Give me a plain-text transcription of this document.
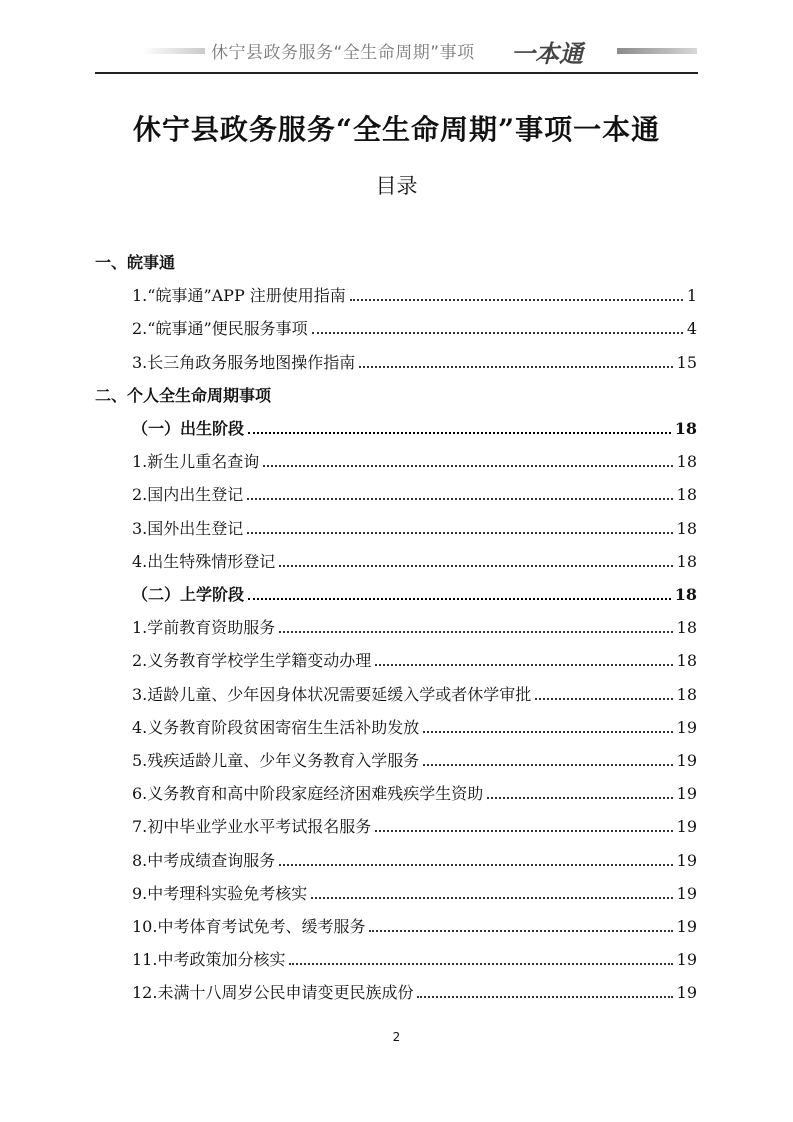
休宁县政务服务“全生命周期”事项 一本通
休宁县政务服务“全生命周期”事项一本通
目录
一、皖事通
1.“皖事通”APP 注册使用指南	1
2.“皖事通”便民服务事项	4
3.长三角政务服务地图操作指南	15
二、个人全生命周期事项
（一）出生阶段	18
1.新生儿重名查询	18
2.国内出生登记	18
3.国外出生登记	18
4.出生特殊情形登记	18
（二）上学阶段	18
1.学前教育资助服务	18
2.义务教育学校学生学籍变动办理	18
3.适龄儿童、少年因身体状况需要延缓入学或者休学审批	18
4.义务教育阶段贫困寄宿生生活补助发放	19
5.残疾适龄儿童、少年义务教育入学服务	19
6.义务教育和高中阶段家庭经济困难残疾学生资助	19
7.初中毕业学业水平考试报名服务	19
8.中考成绩查询服务	19
9.中考理科实验免考核实	19
10.中考体育考试免考、缓考服务	19
11.中考政策加分核实	19
12.未满十八周岁公民申请变更民族成份	19
2
